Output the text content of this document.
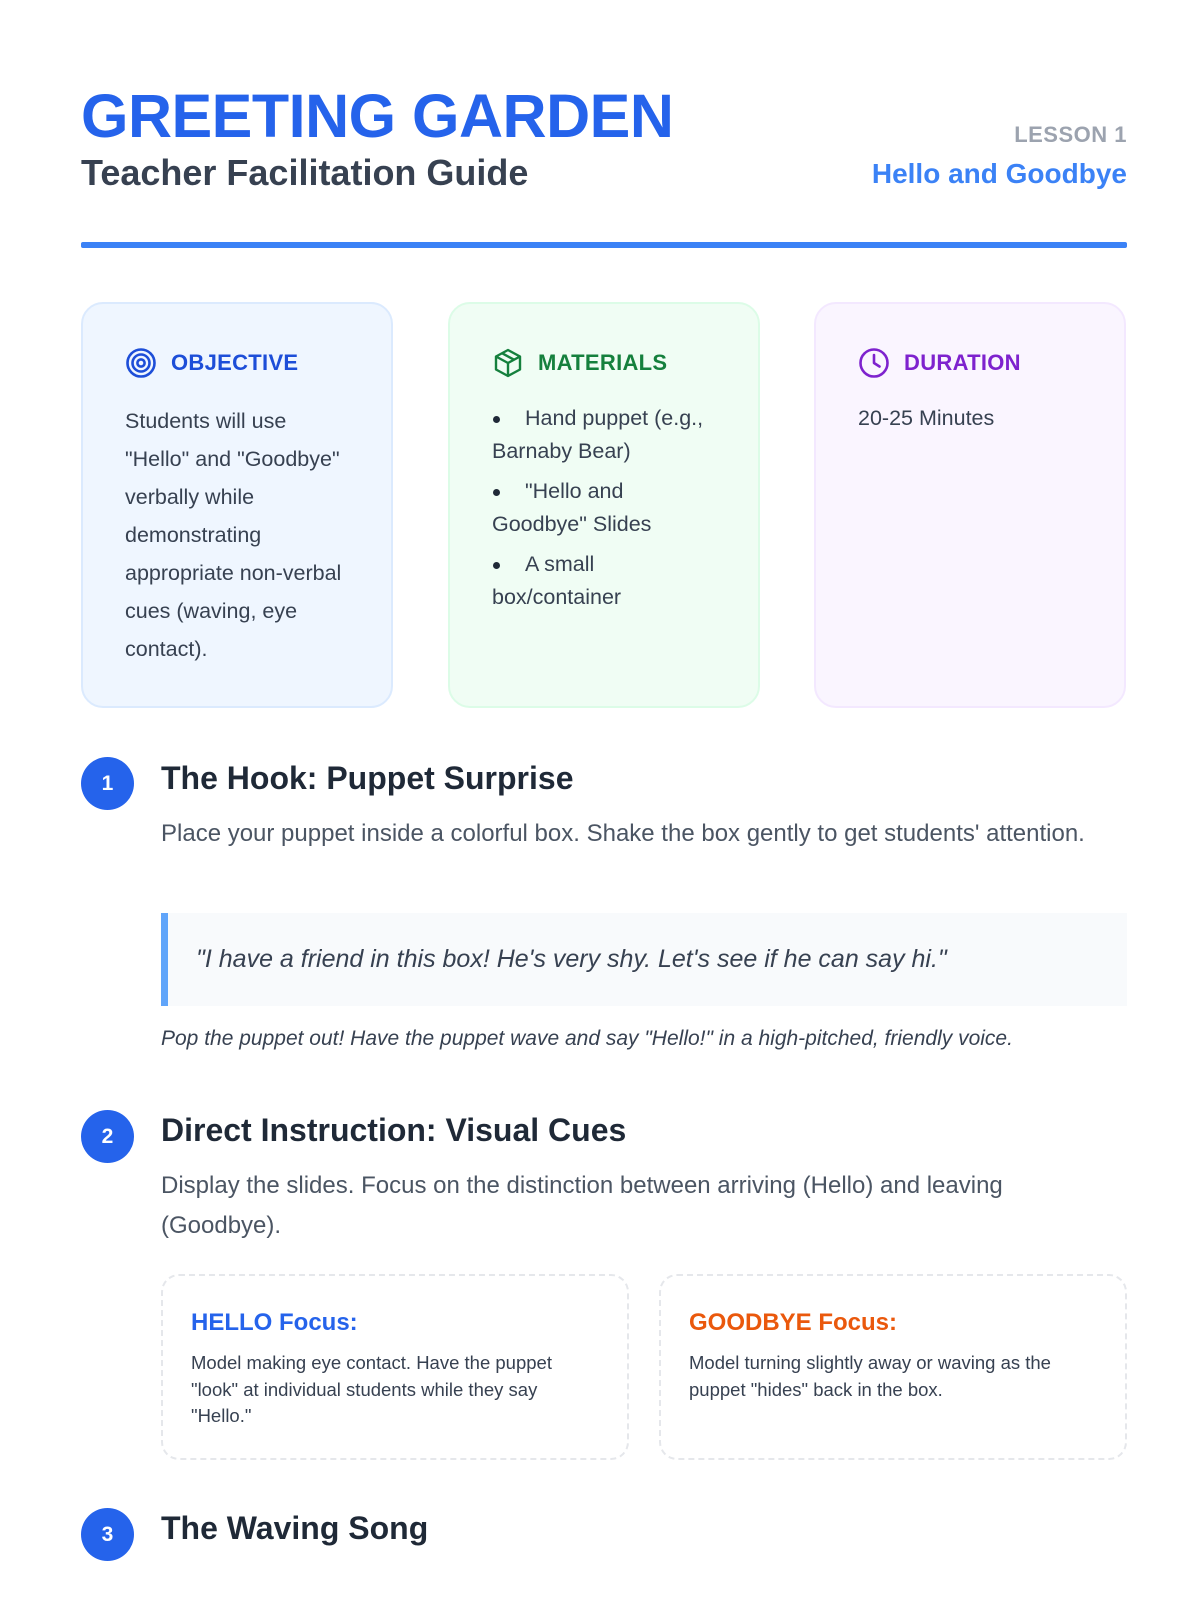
GREETING GARDEN
Teacher Facilitation Guide
LESSON 1
Hello and Goodbye
OBJECTIVE
Students will use "Hello" and "Goodbye" verbally while demonstrating appropriate non-verbal cues (waving, eye contact).
MATERIALS
Hand puppet (e.g., Barnaby Bear)
"Hello and Goodbye" Slides
A small box/container
DURATION
20-25 Minutes
1	The Hook: Puppet Surprise
Place your puppet inside a colorful box. Shake the box gently to get students' attention.
"I have a friend in this box! He's very shy. Let's see if he can say hi."
Pop the puppet out! Have the puppet wave and say "Hello!" in a high-pitched, friendly voice.
2	Direct Instruction: Visual Cues
Display the slides. Focus on the distinction between arriving (Hello) and leaving (Goodbye).
HELLO Focus:
Model making eye contact. Have the puppet "look" at individual students while they say "Hello."
GOODBYE Focus:
Model turning slightly away or waving as the puppet "hides" back in the box.
3	The Waving Song
